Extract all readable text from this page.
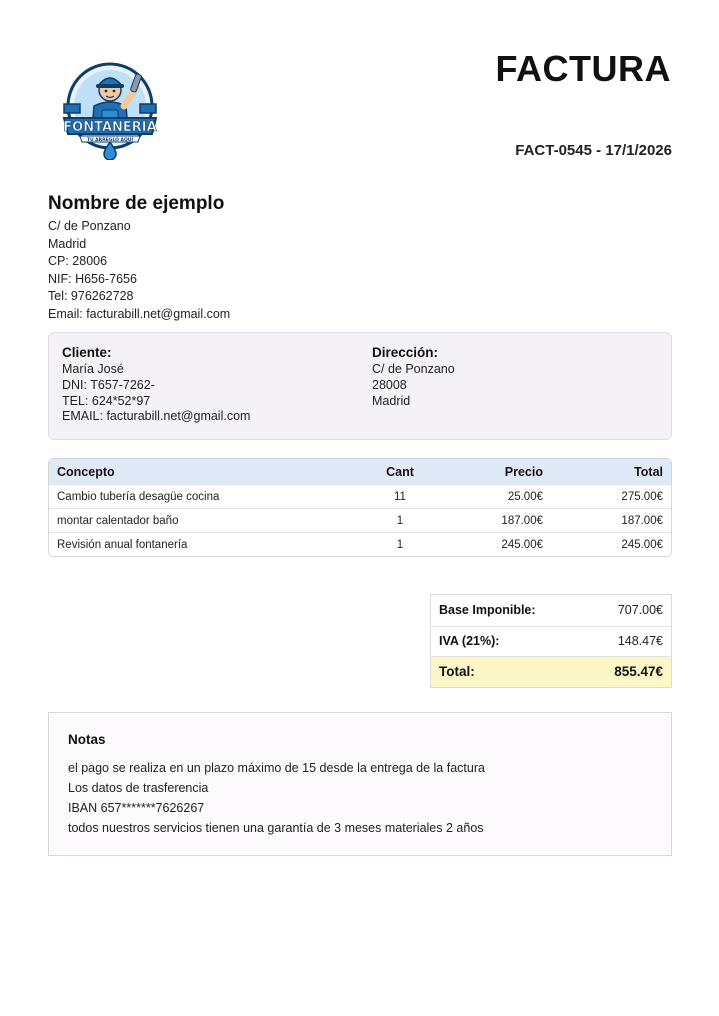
FONTANERIA
TU ARREGLO AQUÍ
FACTURA
FACT-0545 - 17/1/2026
Nombre de ejemplo
C/ de Ponzano
Madrid
CP: 28006
NIF: H656-7656
Tel: 976262728
Email: facturabill.net@gmail.com
Cliente:
María José
DNI: T657-7262-
TEL: 624*52*97
EMAIL: facturabill.net@gmail.com
Dirección:
C/ de Ponzano
28008
Madrid
Concepto	Cant	Precio	Total
Cambio tubería desagüe cocina	11	25.00€	275.00€
montar calentador baño	1	187.00€	187.00€
Revisión anual fontanería	1	245.00€	245.00€
Base Imponible:	707.00€
IVA (21%):	148.47€
Total:	855.47€
Notas
el pago se realiza en un plazo máximo de 15 desde la entrega de la factura
Los datos de trasferencia
IBAN 657*******7626267
todos nuestros servicios tienen una garantía de 3 meses materiales 2 años
